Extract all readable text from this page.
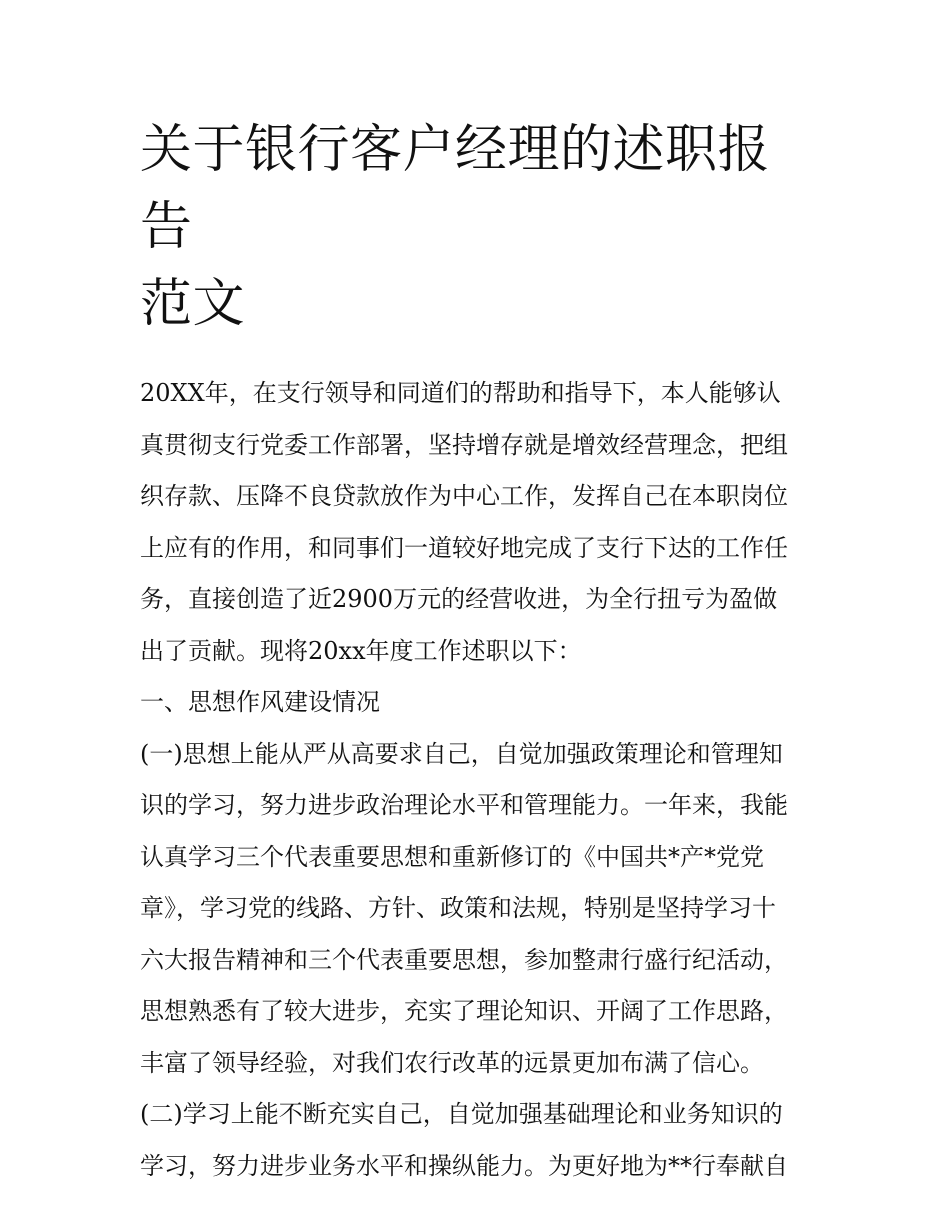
关于银行客户经理的述职报告
范文
20XX年，在支行领导和同道们的帮助和指导下，本人能够认
真贯彻支行党委工作部署，坚持增存就是增效经营理念，把组
织存款、压降不良贷款放作为中心工作，发挥自己在本职岗位
上应有的作用，和同事们一道较好地完成了支行下达的工作任
务，直接创造了近2900万元的经营收进，为全行扭亏为盈做
出了贡献。现将20xx年度工作述职以下：
一、思想作风建设情况
(一)思想上能从严从高要求自己，自觉加强政策理论和管理知
识的学习，努力进步政治理论水平和管理能力。一年来，我能
认真学习三个代表重要思想和重新修订的《中国共*产*党党
章》，学习党的线路、方针、政策和法规，特别是坚持学习十
六大报告精神和三个代表重要思想，参加整肃行盛行纪活动，
思想熟悉有了较大进步，充实了理论知识、开阔了工作思路，
丰富了领导经验，对我们农行改革的远景更加布满了信心。
(二)学习上能不断充实自己，自觉加强基础理论和业务知识的
学习，努力进步业务水平和操纵能力。为更好地为**行奉献自
